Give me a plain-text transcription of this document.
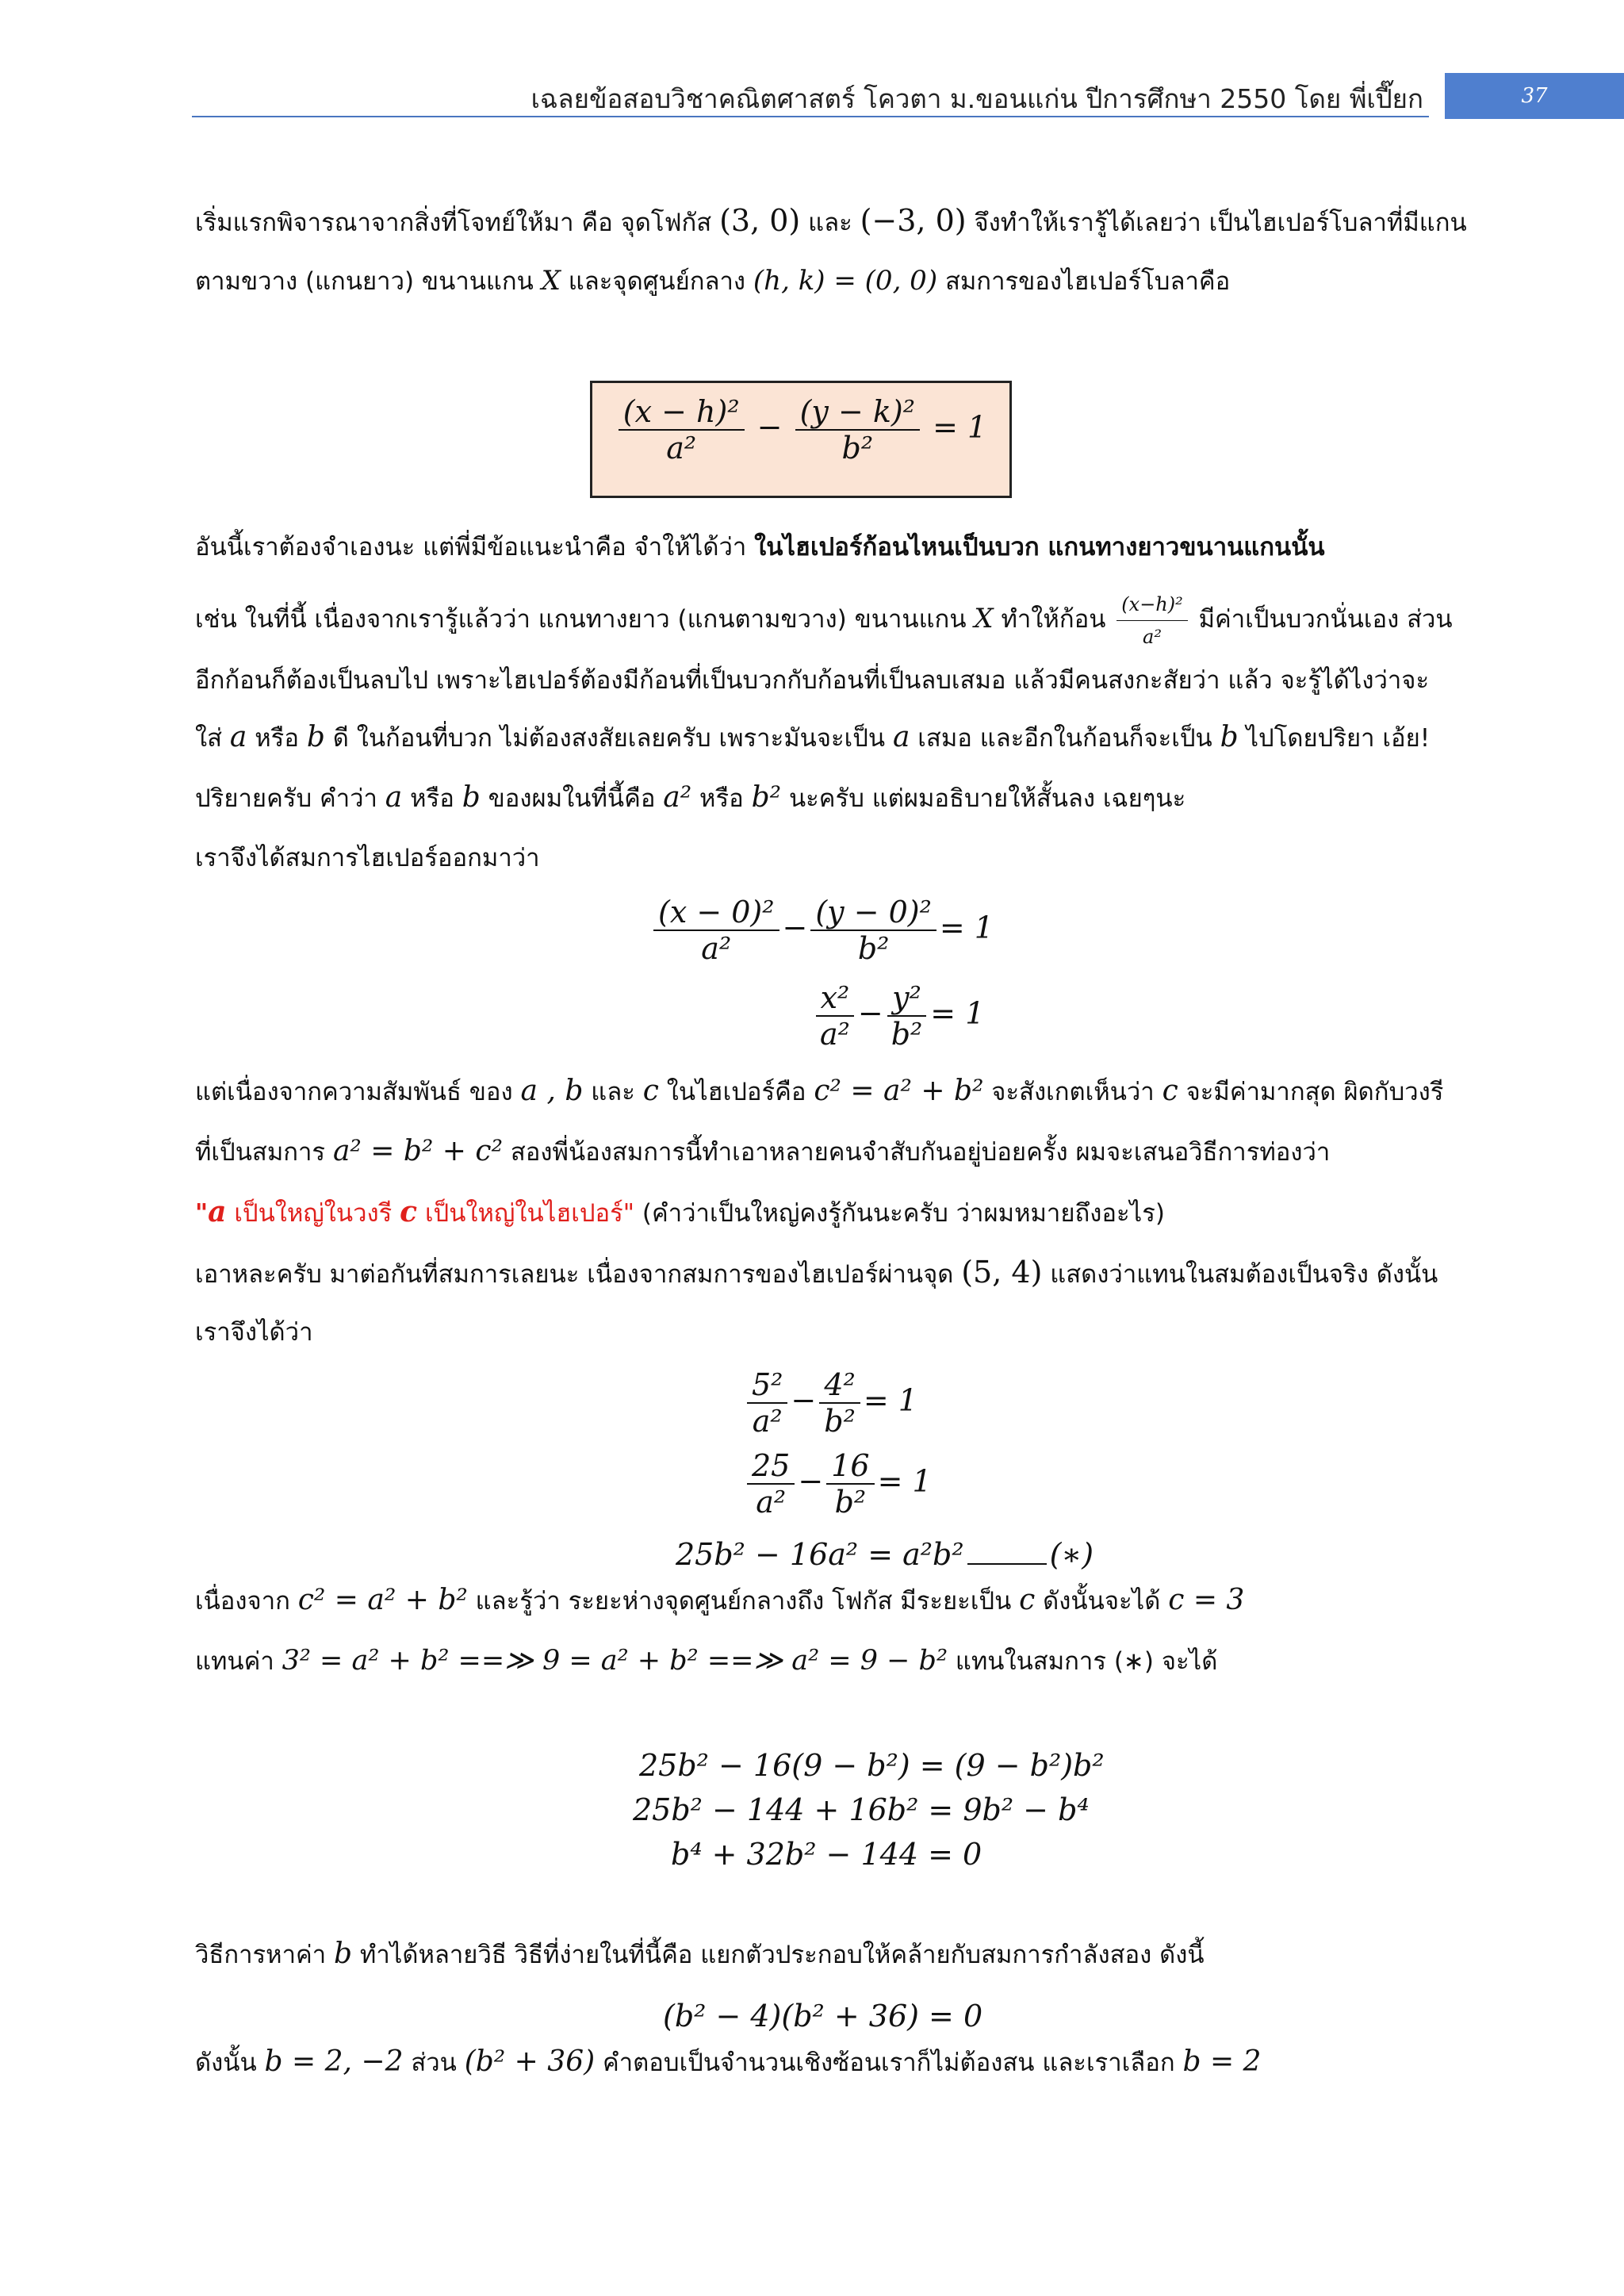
เฉลยข้อสอบวิชาคณิตศาสตร์ โควตา ม.ขอนแก่น ปีการศึกษา 2550 โดย พี่เปี๊ยก	37
เริ่มแรกพิจารณาจากสิ่งที่โจทย์ให้มา คือ จุดโฟกัส (3, 0) และ (−3, 0) จึงทำให้เรารู้ได้เลยว่า เป็นไฮเปอร์โบลาที่มีแกน
ตามขวาง (แกนยาว) ขนานแกน X และจุดศูนย์กลาง (h, k) = (0, 0) สมการของไฮเปอร์โบลาคือ
$\frac{\text{(x − h)²}}{\text{a²}} - \frac{\text{(y − k)²}}{\text{b²}} = 1$
อันนี้เราต้องจำเองนะ แต่พี่มีข้อแนะนำคือ จำให้ได้ว่า ในไฮเปอร์ก้อนไหนเป็นบวก แกนทางยาวขนานแกนนั้น
เช่น ในที่นี้ เนื่องจากเรารู้แล้วว่า แกนทางยาว (แกนตามขวาง) ขนานแกน X ทำให้ก้อน $\frac{\text{(x−h)²}}{\text{a²}}$ มีค่าเป็นบวกนั่นเอง ส่วน
อีกก้อนก็ต้องเป็นลบไป เพราะไฮเปอร์ต้องมีก้อนที่เป็นบวกกับก้อนที่เป็นลบเสมอ แล้วมีคนสงกะสัยว่า แล้ว จะรู้ได้ไงว่าจะ
ใส่ a หรือ b ดี ในก้อนที่บวก ไม่ต้องสงสัยเลยครับ เพราะมันจะเป็น a เสมอ และอีกในก้อนก็จะเป็น b ไปโดยปริยา เอ้ย!
ปริยายครับ คำว่า a หรือ b ของผมในที่นี้คือ a² หรือ b² นะครับ แต่ผมอธิบายให้สั้นลง เฉยๆนะ
เราจึงได้สมการไฮเปอร์ออกมาว่า
$\frac{\text{(x − 0)²}}{\text{a²}} - \frac{\text{(y − 0)²}}{\text{b²}} = 1$
$\frac{\text{x²}}{\text{a²}} - \frac{\text{y²}}{\text{b²}} = 1$
แต่เนื่องจากความสัมพันธ์ ของ a , b และ c ในไฮเปอร์คือ c² = a² + b² จะสังเกตเห็นว่า c จะมีค่ามากสุด ผิดกับวงรี
ที่เป็นสมการ a² = b² + c² สองพี่น้องสมการนี้ทำเอาหลายคนจำสับกันอยู่บ่อยครั้ง ผมจะเสนอวิธีการท่องว่า
"a เป็นใหญ่ในวงรี c เป็นใหญ่ในไฮเปอร์" (คำว่าเป็นใหญ่คงรู้กันนะครับ ว่าผมหมายถึงอะไร)
เอาหละครับ มาต่อกันที่สมการเลยนะ เนื่องจากสมการของไฮเปอร์ผ่านจุด (5, 4) แสดงว่าแทนในสมต้องเป็นจริง ดังนั้น
เราจึงได้ว่า
$\frac{\text{5²}}{\text{a²}} - \frac{\text{4²}}{\text{b²}} = 1$
$\frac{25}{\text{a²}} - \frac{16}{\text{b²}} = 1$
25b² − 16a² = a²b²	(∗)
เนื่องจาก c² = a² + b² และรู้ว่า ระยะห่างจุดศูนย์กลางถึง โฟกัส มีระยะเป็น c ดังนั้นจะได้ c = 3
แทนค่า 3² = a² + b² ==≫ 9 = a² + b² ==≫ a² = 9 − b² แทนในสมการ (∗) จะได้
25b² − 16(9 − b²) = (9 − b²)b²
25b² − 144 + 16b² = 9b² − b⁴
b⁴ + 32b² − 144 = 0
วิธีการหาค่า b ทำได้หลายวิธี วิธีที่ง่ายในที่นี้คือ แยกตัวประกอบให้คล้ายกับสมการกำลังสอง ดังนี้
(b² − 4)(b² + 36) = 0
ดังนั้น b = 2, −2 ส่วน (b² + 36) คำตอบเป็นจำนวนเชิงซ้อนเราก็ไม่ต้องสน และเราเลือก b = 2
